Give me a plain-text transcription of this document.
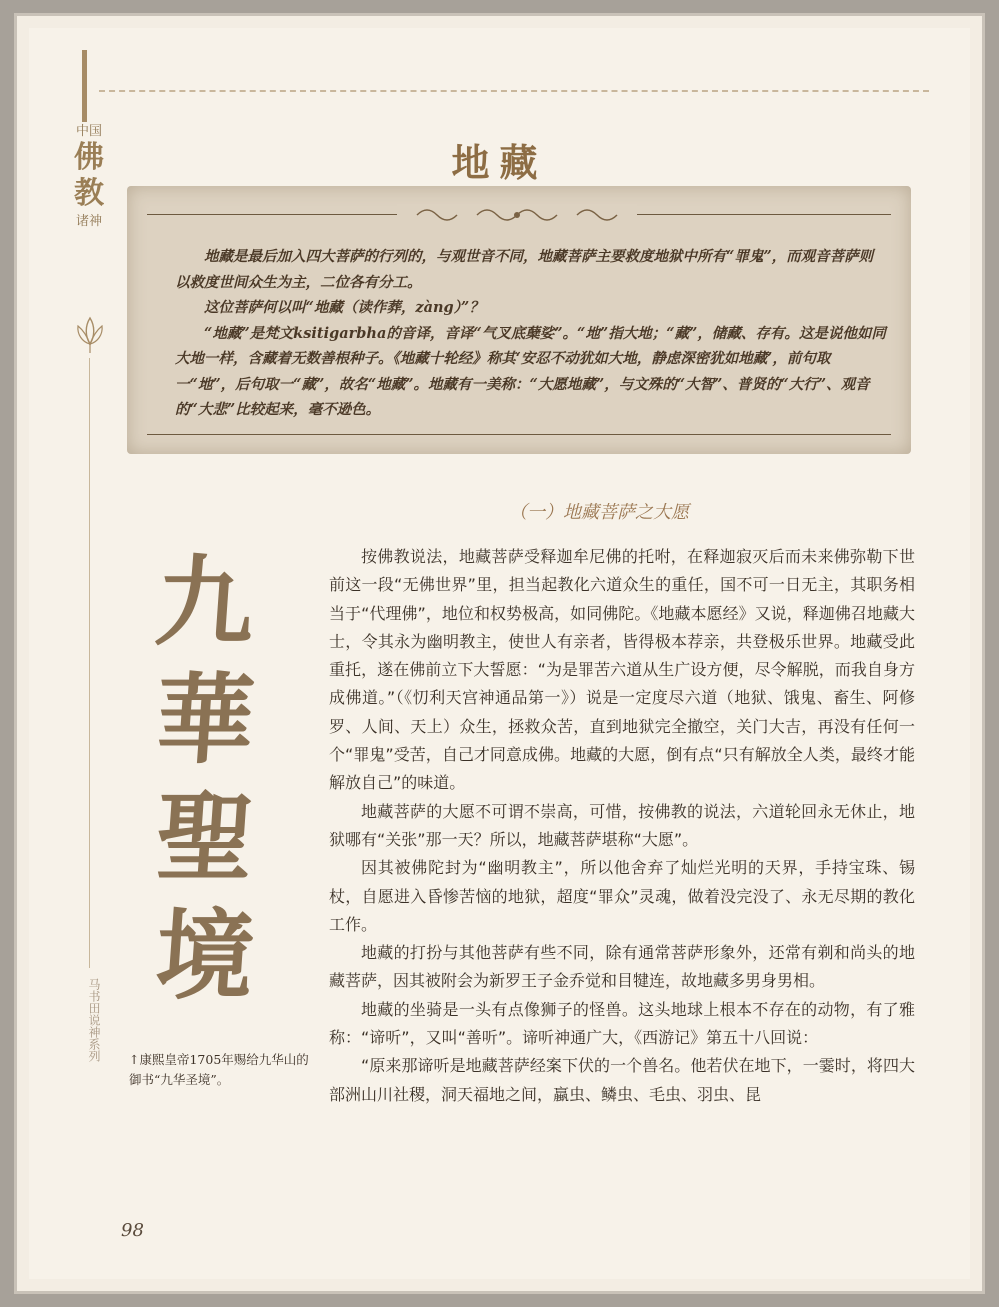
中国
佛
教
诸神
马书田说神系列
地藏

地藏是最后加入四大菩萨的行列的，与观世音不同，地藏菩萨主要救度地狱中所有“罪鬼”，而观音菩萨则以救度世间众生为主，二位各有分工。

这位菩萨何以叫“地藏（读作葬，zàng）”？

“地藏”是梵文ksitigarbha的音译，音译“气叉底蘖娑”。“地”指大地；“藏”，储藏、存有。这是说他如同大地一样，含藏着无数善根种子。《地藏十轮经》称其‘安忍不动犹如大地，静虑深密犹如地藏’，前句取一“地”，后句取一“藏”，故名“地藏”。地藏有一美称：“大愿地藏”，与文殊的“大智”、普贤的“大行”、观音的“大悲”比较起来，毫不逊色。

（一）地藏菩萨之大愿
九
華
聖
境
↑康熙皇帝1705年赐给九华山的御书“九华圣境”。

按佛教说法，地藏菩萨受释迦牟尼佛的托咐，在释迦寂灭后而未来佛弥勒下世前这一段“无佛世界”里，担当起教化六道众生的重任，国不可一日无主，其职务相当于“代理佛”，地位和权势极高，如同佛陀。《地藏本愿经》又说，释迦佛召地藏大士，令其永为幽明教主，使世人有亲者，皆得极本荐亲，共登极乐世界。地藏受此重托，遂在佛前立下大誓愿：“为是罪苦六道从生广设方便，尽令解脱，而我自身方成佛道。”（《忉利天宫神通品第一》）说是一定度尽六道（地狱、饿鬼、畜生、阿修罗、人间、天上）众生，拯救众苦，直到地狱完全撤空，关门大吉，再没有任何一个“罪鬼”受苦，自己才同意成佛。地藏的大愿，倒有点“只有解放全人类，最终才能解放自己”的味道。

地藏菩萨的大愿不可谓不崇高，可惜，按佛教的说法，六道轮回永无休止，地狱哪有“关张”那一天？所以，地藏菩萨堪称“大愿”。

因其被佛陀封为“幽明教主”，所以他舍弃了灿烂光明的天界，手持宝珠、锡杖，自愿进入昏惨苦恼的地狱，超度“罪众”灵魂，做着没完没了、永无尽期的教化工作。

地藏的打扮与其他菩萨有些不同，除有通常菩萨形象外，还常有剃和尚头的地藏菩萨，因其被附会为新罗王子金乔觉和目犍连，故地藏多男身男相。

地藏的坐骑是一头有点像狮子的怪兽。这头地球上根本不存在的动物，有了雅称：“谛听”，又叫“善听”。谛听神通广大，《西游记》第五十八回说：

“原来那谛听是地藏菩萨经案下伏的一个兽名。他若伏在地下，一霎时，将四大部洲山川社稷，洞天福地之间，蠃虫、鳞虫、毛虫、羽虫、昆

98
